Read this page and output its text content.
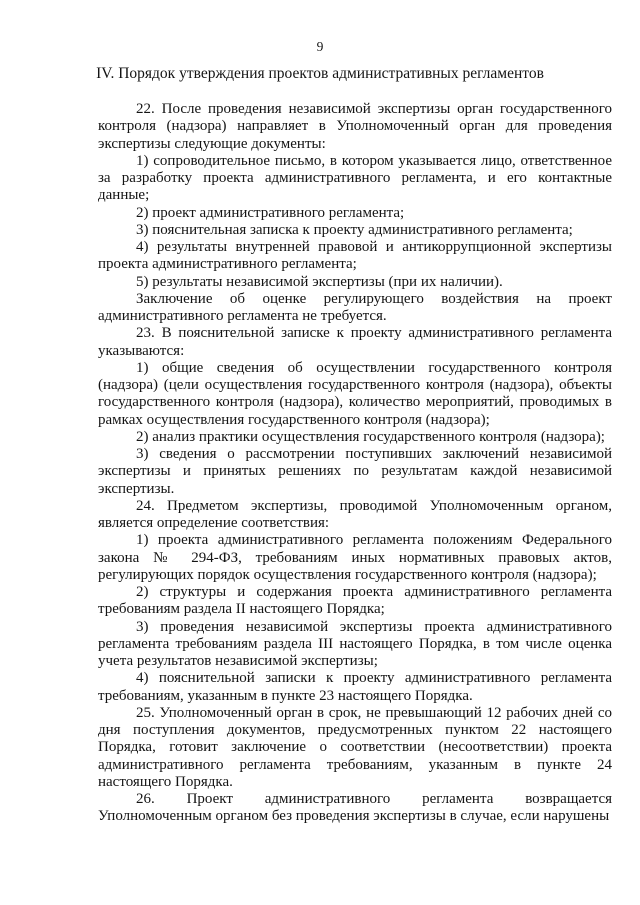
9
IV. Порядок утверждения проектов административных регламентов

22. После проведения независимой экспертизы орган государственного контроля (надзора) направляет в Уполномоченный орган для проведения экспертизы следующие документы:

1) сопроводительное письмо, в котором указывается лицо, ответственное за разработку проекта административного регламента, и его контактные данные;

2) проект административного регламента;

3) пояснительная записка к проекту административного регламента;

4) результаты внутренней правовой и антикоррупционной экспертизы проекта административного регламента;

5) результаты независимой экспертизы (при их наличии).

Заключение об оценке регулирующего воздействия на проект административного регламента не требуется.

23. В пояснительной записке к проекту административного регламента указываются:

1) общие сведения об осуществлении государственного контроля (надзора) (цели осуществления государственного контроля (надзора), объекты государственного контроля (надзора), количество мероприятий, проводимых в рамках осуществления государственного контроля (надзора);

2) анализ практики осуществления государственного контроля (надзора);

3) сведения о рассмотрении поступивших заключений независимой экспертизы и принятых решениях по результатам каждой независимой экспертизы.

24. Предметом экспертизы, проводимой Уполномоченным органом, является определение соответствия:

1) проекта административного регламента положениям Федерального закона № 294-ФЗ, требованиям иных нормативных правовых актов, регулирующих порядок осуществления государственного контроля (надзора);

2) структуры и содержания проекта административного регламента требованиям раздела II настоящего Порядка;

3) проведения независимой экспертизы проекта административного регламента требованиям раздела III настоящего Порядка, в том числе оценка учета результатов независимой экспертизы;

4) пояснительной записки к проекту административного регламента требованиям, указанным в пункте 23 настоящего Порядка.

25. Уполномоченный орган в срок, не превышающий 12 рабочих дней со дня поступления документов, предусмотренных пунктом 22 настоящего Порядка, готовит заключение о соответствии (несоответствии) проекта административного регламента требованиям, указанным в пункте 24 настоящего Порядка.

26. Проект административного регламента возвращается Уполномоченным органом без проведения экспертизы в случае, если нарушены
